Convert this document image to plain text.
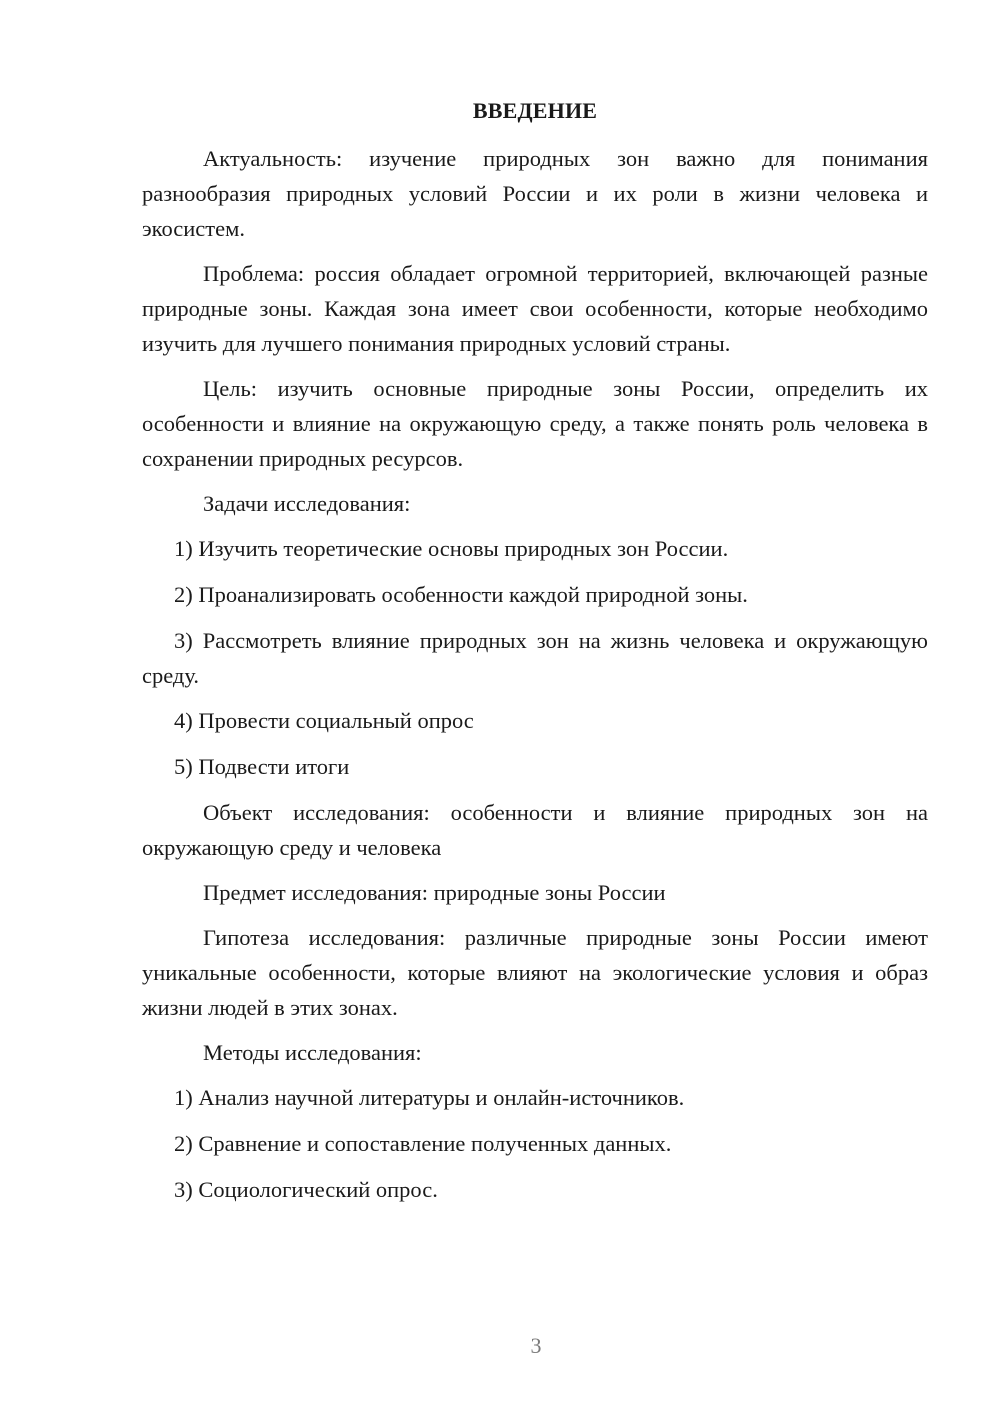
ВВЕДЕНИЕ

Актуальность: изучение природных зон важно для понимания разнообразия природных условий России и их роли в жизни человека и экосистем.

Проблема: россия обладает огромной территорией, включающей разные природные зоны. Каждая зона имеет свои особенности, которые необходимо изучить для лучшего понимания природных условий страны.

Цель: изучить основные природные зоны России, определить их особенности и влияние на окружающую среду, а также понять роль человека в сохранении природных ресурсов.

Задачи исследования:

1) Изучить теоретические основы природных зон России.

2) Проанализировать особенности каждой природной зоны.

3) Рассмотреть влияние природных зон на жизнь человека и окружающую среду.

4) Провести социальный опрос

5) Подвести итоги

Объект исследования: особенности и влияние природных зон на окружающую среду и человека

Предмет исследования: природные зоны России

Гипотеза исследования: различные природные зоны России имеют уникальные особенности, которые влияют на экологические условия и образ жизни людей в этих зонах.

Методы исследования:

1) Анализ научной литературы и онлайн-источников.

2) Сравнение и сопоставление полученных данных.

3) Социологический опрос.

3
